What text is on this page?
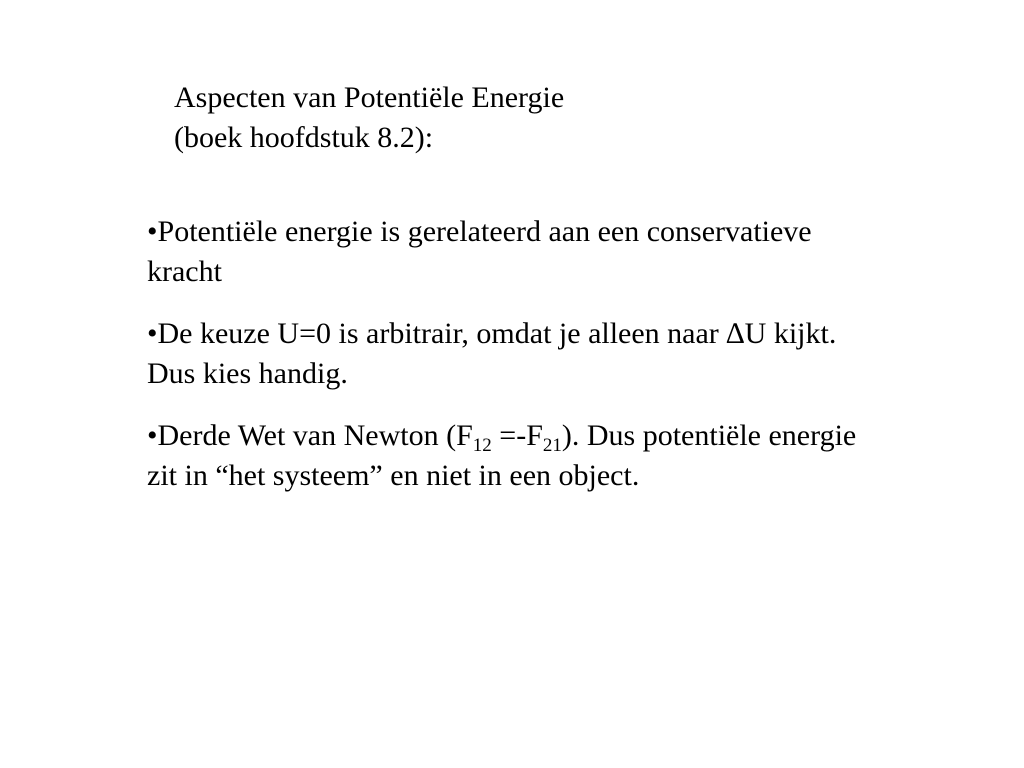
Aspecten van Potentiële Energie
(boek hoofdstuk 8.2):
•Potentiële energie is gerelateerd aan een conservatieve kracht
•De keuze U=0 is arbitrair, omdat je alleen naar ∆U kijkt. Dus kies handig.
•Derde Wet van Newton $(F_{12} =-F_{21})$. Dus potentiële energie zit in “het systeem” en niet in een object.
